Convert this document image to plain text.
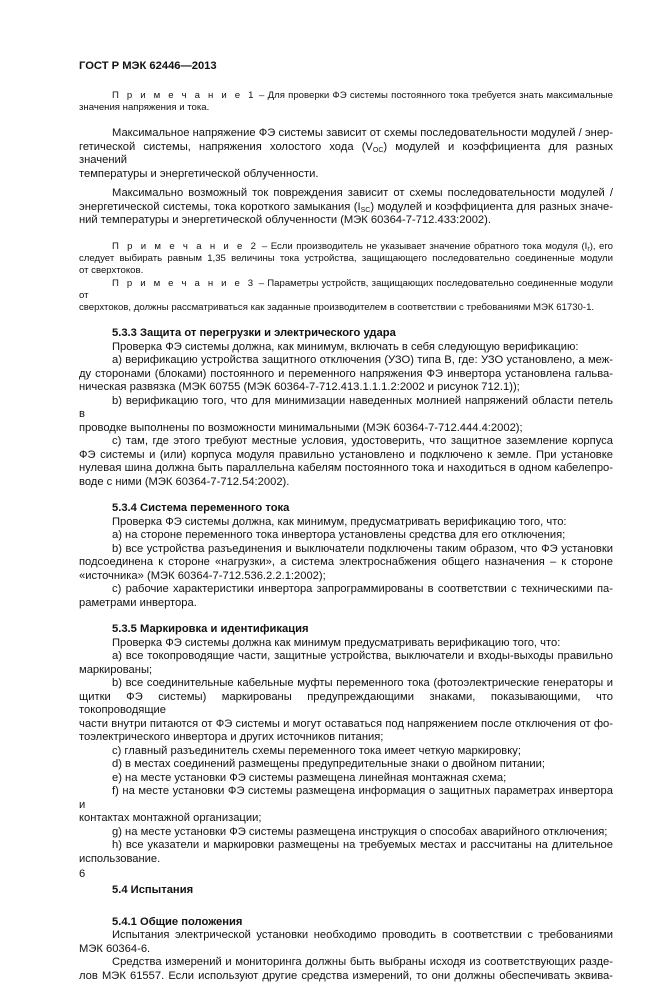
ГОСТ Р МЭК 62446—2013
П р и м е ч а н и е 1 – Для проверки ФЭ системы постоянного тока требуется знать максимальные
значения напряжения и тока.
Максимальное напряжение ФЭ системы зависит от схемы последовательности модулей / энер-
гетической системы, напряжения холостого хода $(V_{OC})$ модулей и коэффициента для разных значений
температуры и энергетической облученности.
Максимально возможный ток повреждения зависит от схемы последовательности модулей /
энергетической системы, тока короткого замыкания $(I_{SC})$ модулей и коэффициента для разных значе-
ний температуры и энергетической облученности (МЭК 60364-7-712.433:2002).
П р и м е ч а н и е 2 – Если производитель не указывает значение обратного тока модуля $(I_r)$, его
следует выбирать равным 1,35 величины тока устройства, защищающего последовательно соединенные модули
от сверхтоков.
П р и м е ч а н и е 3 – Параметры устройств, защищающих последовательно соединенные модули от
сверхтоков, должны рассматриваться как заданные производителем в соответствии с требованиями МЭК 61730-1.
5.3.3 Защита от перегрузки и электрического удара
Проверка ФЭ системы должна, как минимум, включать в себя следующую верификацию:
а) верификацию устройства защитного отключения (УЗО) типа B, где: УЗО установлено, а меж-
ду сторонами (блоками) постоянного и переменного напряжения ФЭ инвертора установлена гальва-
ническая развязка (МЭК 60755 (МЭК 60364-7-712.413.1.1.1.2:2002 и рисунок 712.1));
b) верификацию того, что для минимизации наведенных молнией напряжений области петель в
проводке выполнены по возможности минимальными (МЭК 60364-7-712.444.4:2002);
c) там, где этого требуют местные условия, удостоверить, что защитное заземление корпуса
ФЭ системы и (или) корпуса модуля правильно установлено и подключено к земле. При установке
нулевая шина должна быть параллельна кабелям постоянного тока и находиться в одном кабелепро-
воде с ними (МЭК 60364-7-712.54:2002).
5.3.4 Система переменного тока
Проверка ФЭ системы должна, как минимум, предусматривать верификацию того, что:
а) на стороне переменного тока инвертора установлены средства для его отключения;
b) все устройства разъединения и выключатели подключены таким образом, что ФЭ установки
подсоединена к стороне «нагрузки», а система электроснабжения общего назначения – к стороне
«источника» (МЭК 60364-7-712.536.2.2.1:2002);
c) рабочие характеристики инвертора запрограммированы в соответствии с техническими па-
раметрами инвертора.
5.3.5 Маркировка и идентификация
Проверка ФЭ системы должна как минимум предусматривать верификацию того, что:
а) все токопроводящие части, защитные устройства, выключатели и входы-выходы правильно
маркированы;
b) все соединительные кабельные муфты переменного тока (фотоэлектрические генераторы и
щитки ФЭ системы) маркированы предупреждающими знаками, показывающими, что токопроводящие
части внутри питаются от ФЭ системы и могут оставаться под напряжением после отключения от фо-
тоэлектрического инвертора и других источников питания;
c) главный разъединитель схемы переменного тока имеет четкую маркировку;
d) в местах соединений размещены предупредительные знаки о двойном питании;
e) на месте установки ФЭ системы размещена линейная монтажная схема;
f) на месте установки ФЭ системы размещена информация о защитных параметрах инвертора и
контактах монтажной организации;
g) на месте установки ФЭ системы размещена инструкция о способах аварийного отключения;
h) все указатели и маркировки размещены на требуемых местах и рассчитаны на длительное
использование.
5.4 Испытания
5.4.1 Общие положения
Испытания электрической установки необходимо проводить в соответствии с требованиями
МЭК 60364-6.
Средства измерений и мониторинга должны быть выбраны исходя из соответствующих разде-
лов МЭК 61557. Если используют другие средства измерений, то они должны обеспечивать эквива-
6
